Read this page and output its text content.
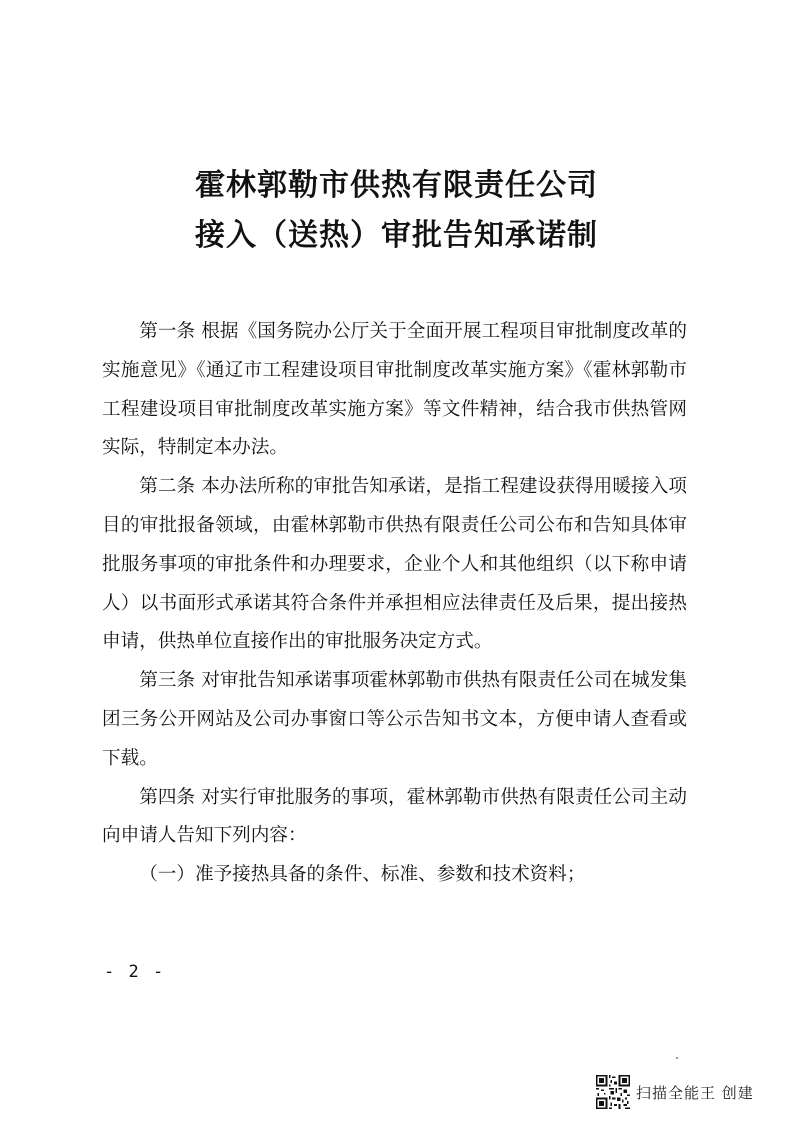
霍林郭勒市供热有限责任公司
接入（送热）审批告知承诺制

第一条 根据《国务院办公厅关于全面开展工程项目审批制度改革的实施意见》《通辽市工程建设项目审批制度改革实施方案》《霍林郭勒市工程建设项目审批制度改革实施方案》等文件精神，结合我市供热管网实际，特制定本办法。

第二条 本办法所称的审批告知承诺，是指工程建设获得用暖接入项目的审批报备领域，由霍林郭勒市供热有限责任公司公布和告知具体审批服务事项的审批条件和办理要求，企业个人和其他组织（以下称申请人）以书面形式承诺其符合条件并承担相应法律责任及后果，提出接热申请，供热单位直接作出的审批服务决定方式。

第三条 对审批告知承诺事项霍林郭勒市供热有限责任公司在城发集团三务公开网站及公司办事窗口等公示告知书文本，方便申请人查看或下载。

第四条 对实行审批服务的事项，霍林郭勒市供热有限责任公司主动向申请人告知下列内容：

（一）准予接热具备的条件、标准、参数和技术资料；

- 2 -
扫描全能王 创建
